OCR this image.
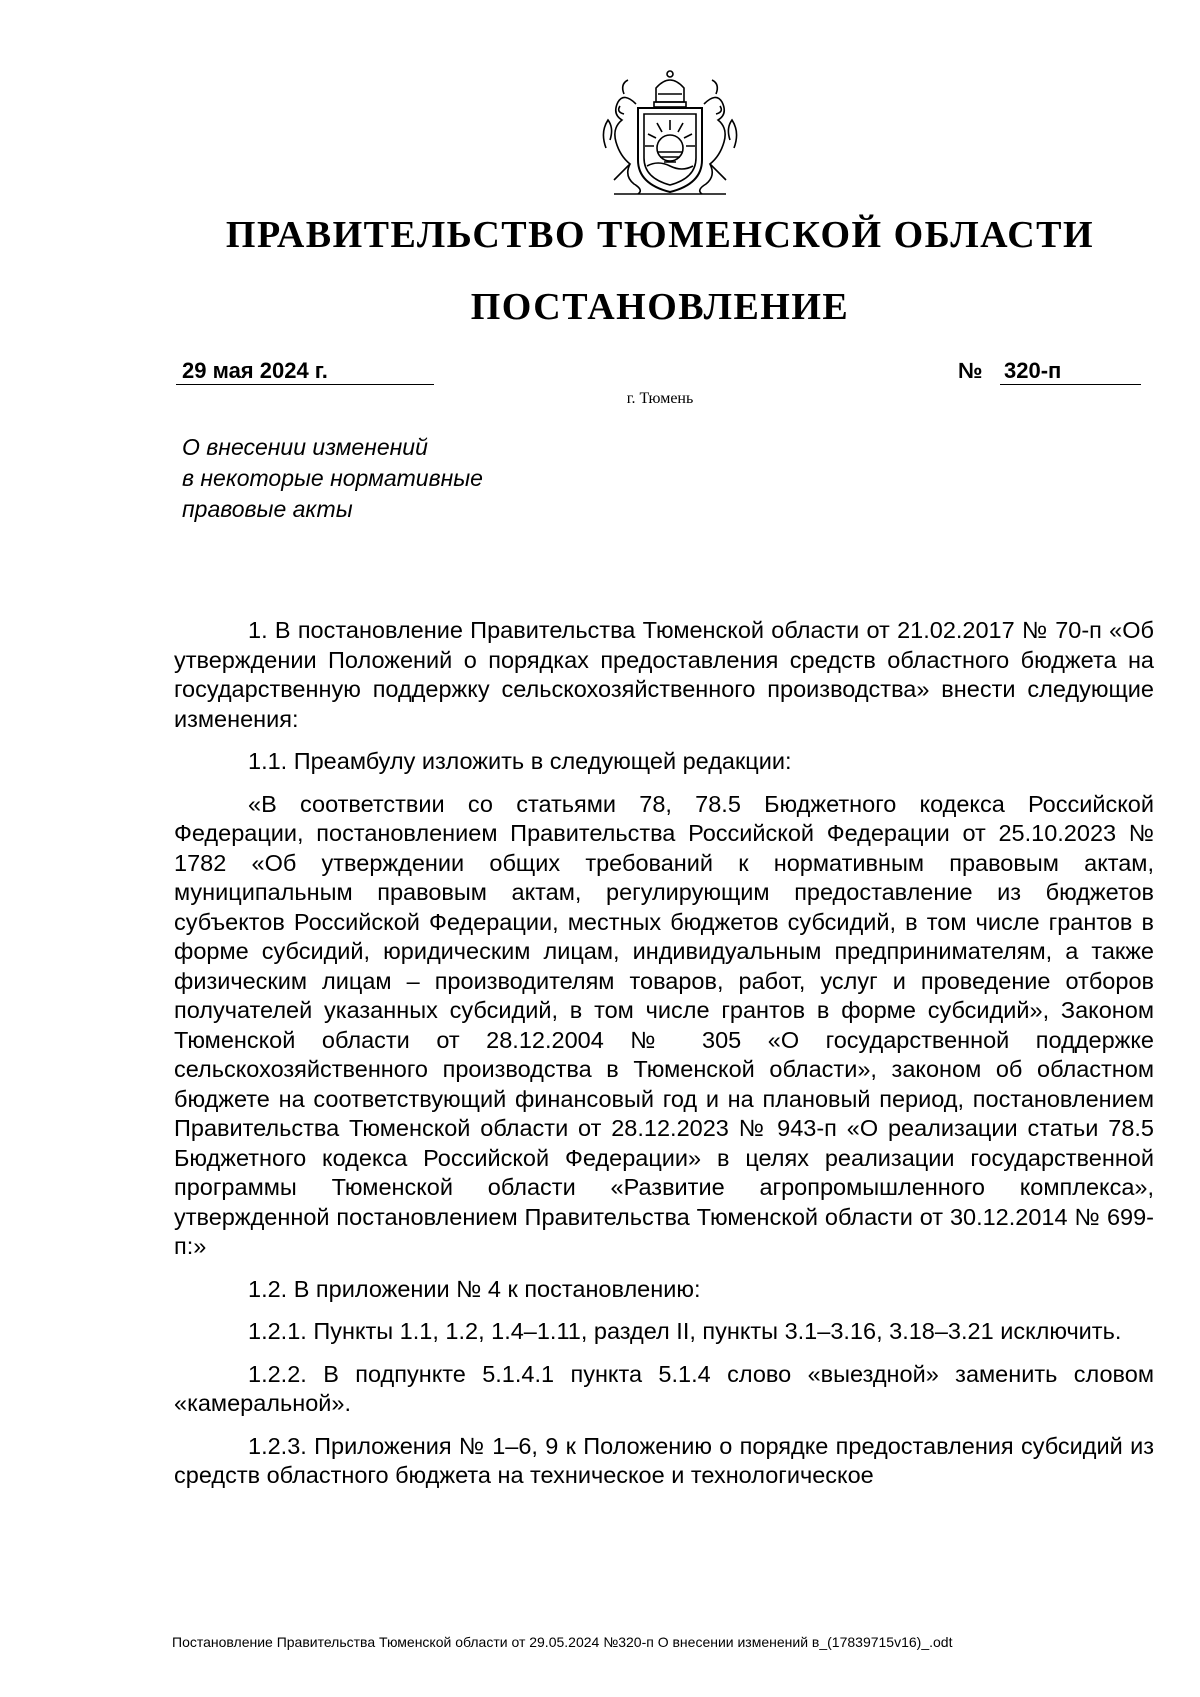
ПРАВИТЕЛЬСТВО ТЮМЕНСКОЙ ОБЛАСТИ
ПОСТАНОВЛЕНИЕ
29 мая 2024 г.	№ 320-п
г. Тюмень
О внесении изменений
в некоторые нормативные
правовые акты

1. В постановление Правительства Тюменской области от 21.02.2017 № 70-п «Об утверждении Положений о порядках предоставления средств областного бюджета на государственную поддержку сельскохозяйственного производства» внести следующие изменения:

1.1. Преамбулу изложить в следующей редакции:

«В соответствии со статьями 78, 78.5 Бюджетного кодекса Российской Федерации, постановлением Правительства Российской Федерации от 25.10.2023 № 1782 «Об утверждении общих требований к нормативным правовым актам, муниципальным правовым актам, регулирующим предоставление из бюджетов субъектов Российской Федерации, местных бюджетов субсидий, в том числе грантов в форме субсидий, юридическим лицам, индивидуальным предпринимателям, а также физическим лицам – производителям товаров, работ, услуг и проведение отборов получателей указанных субсидий, в том числе грантов в форме субсидий», Законом Тюменской области от 28.12.2004 № 305 «О государственной поддержке сельскохозяйственного производства в Тюменской области», законом об областном бюджете на соответствующий финансовый год и на плановый период, постановлением Правительства Тюменской области от 28.12.2023 № 943-п «О реализации статьи 78.5 Бюджетного кодекса Российской Федерации» в целях реализации государственной программы Тюменской области «Развитие агропромышленного комплекса», утвержденной постановлением Правительства Тюменской области от 30.12.2014 № 699-п:»

1.2. В приложении № 4 к постановлению:

1.2.1. Пункты 1.1, 1.2, 1.4–1.11, раздел II, пункты 3.1–3.16, 3.18–3.21 исключить.

1.2.2. В подпункте 5.1.4.1 пункта 5.1.4 слово «выездной» заменить словом «камеральной».

1.2.3. Приложения № 1–6, 9 к Положению о порядке предоставления субсидий из средств областного бюджета на техническое и технологическое

Постановление Правительства Тюменской области от 29.05.2024 №320-п О внесении изменений в_(17839715v16)_.odt
